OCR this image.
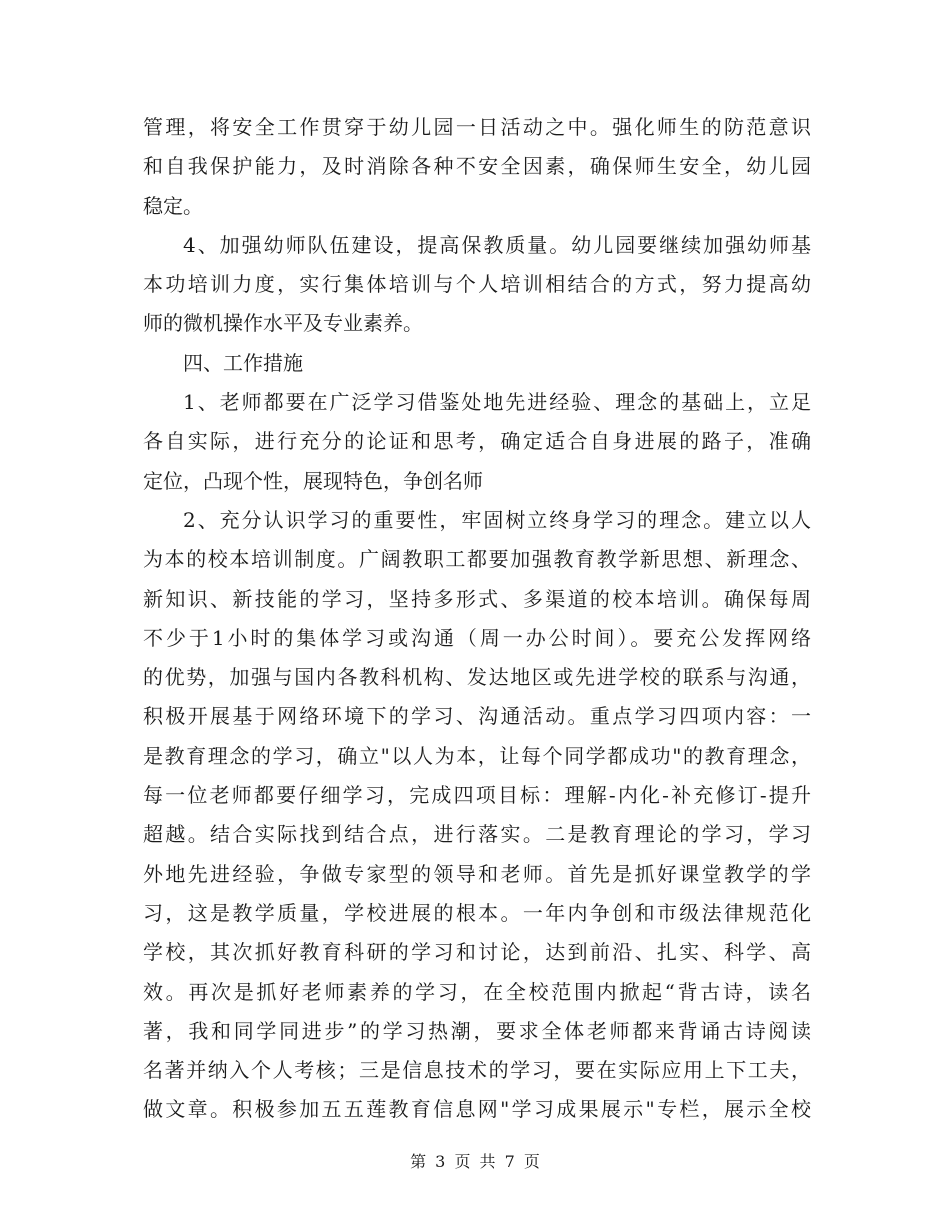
管理，将安全工作贯穿于幼儿园一日活动之中。强化师生的防范意识
和自我保护能力，及时消除各种不安全因素，确保师生安全，幼儿园
稳定。
4、加强幼师队伍建设，提高保教质量。幼儿园要继续加强幼师基
本功培训力度，实行集体培训与个人培训相结合的方式，努力提高幼
师的微机操作水平及专业素养。
四、工作措施
1、老师都要在广泛学习借鉴处地先进经验、理念的基础上，立足
各自实际，进行充分的论证和思考，确定适合自身进展的路子，准确
定位，凸现个性，展现特色，争创名师
2、充分认识学习的重要性，牢固树立终身学习的理念。建立以人
为本的校本培训制度。广阔教职工都要加强教育教学新思想、新理念、
新知识、新技能的学习，坚持多形式、多渠道的校本培训。确保每周
不少于1小时的集体学习或沟通（周一办公时间）。要充公发挥网络
的优势，加强与国内各教科机构、发达地区或先进学校的联系与沟通，
积极开展基于网络环境下的学习、沟通活动。重点学习四项内容：一
是教育理念的学习，确立"以人为本，让每个同学都成功"的教育理念，
每一位老师都要仔细学习，完成四项目标：理解-内化-补充修订-提升
超越。结合实际找到结合点，进行落实。二是教育理论的学习，学习
外地先进经验，争做专家型的领导和老师。首先是抓好课堂教学的学
习，这是教学质量，学校进展的根本。一年内争创和市级法律规范化
学校，其次抓好教育科研的学习和讨论，达到前沿、扎实、科学、高
效。再次是抓好老师素养的学习，在全校范围内掀起“背古诗，读名
著，我和同学同进步”的学习热潮，要求全体老师都来背诵古诗阅读
名著并纳入个人考核；三是信息技术的学习，要在实际应用上下工夫，
做文章。积极参加五五莲教育信息网"学习成果展示"专栏，展示全校
第 3 页 共 7 页
